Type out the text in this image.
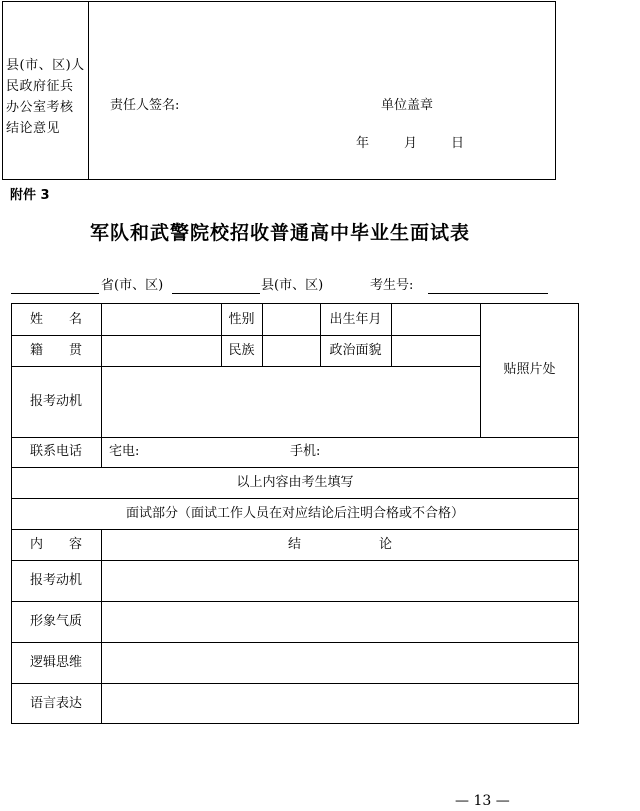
县(市、区)人民政府征兵办公室考核结论意见
责任人签名:	单位盖章
年	月	日
附件 3
军队和武警院校招收普通高中毕业生面试表
省(市、区)	县(市、区)	考生号:
姓　　名	性别	出生年月
籍　　贯	民族	政治面貌
贴照片处
报考动机
联系电话	宅电:	手机:
以上内容由考生填写
面试部分（面试工作人员在对应结论后注明合格或不合格）
内　　容	结　　　　　　论
报考动机
形象气质
逻辑思维
语言表达
— 13 —
